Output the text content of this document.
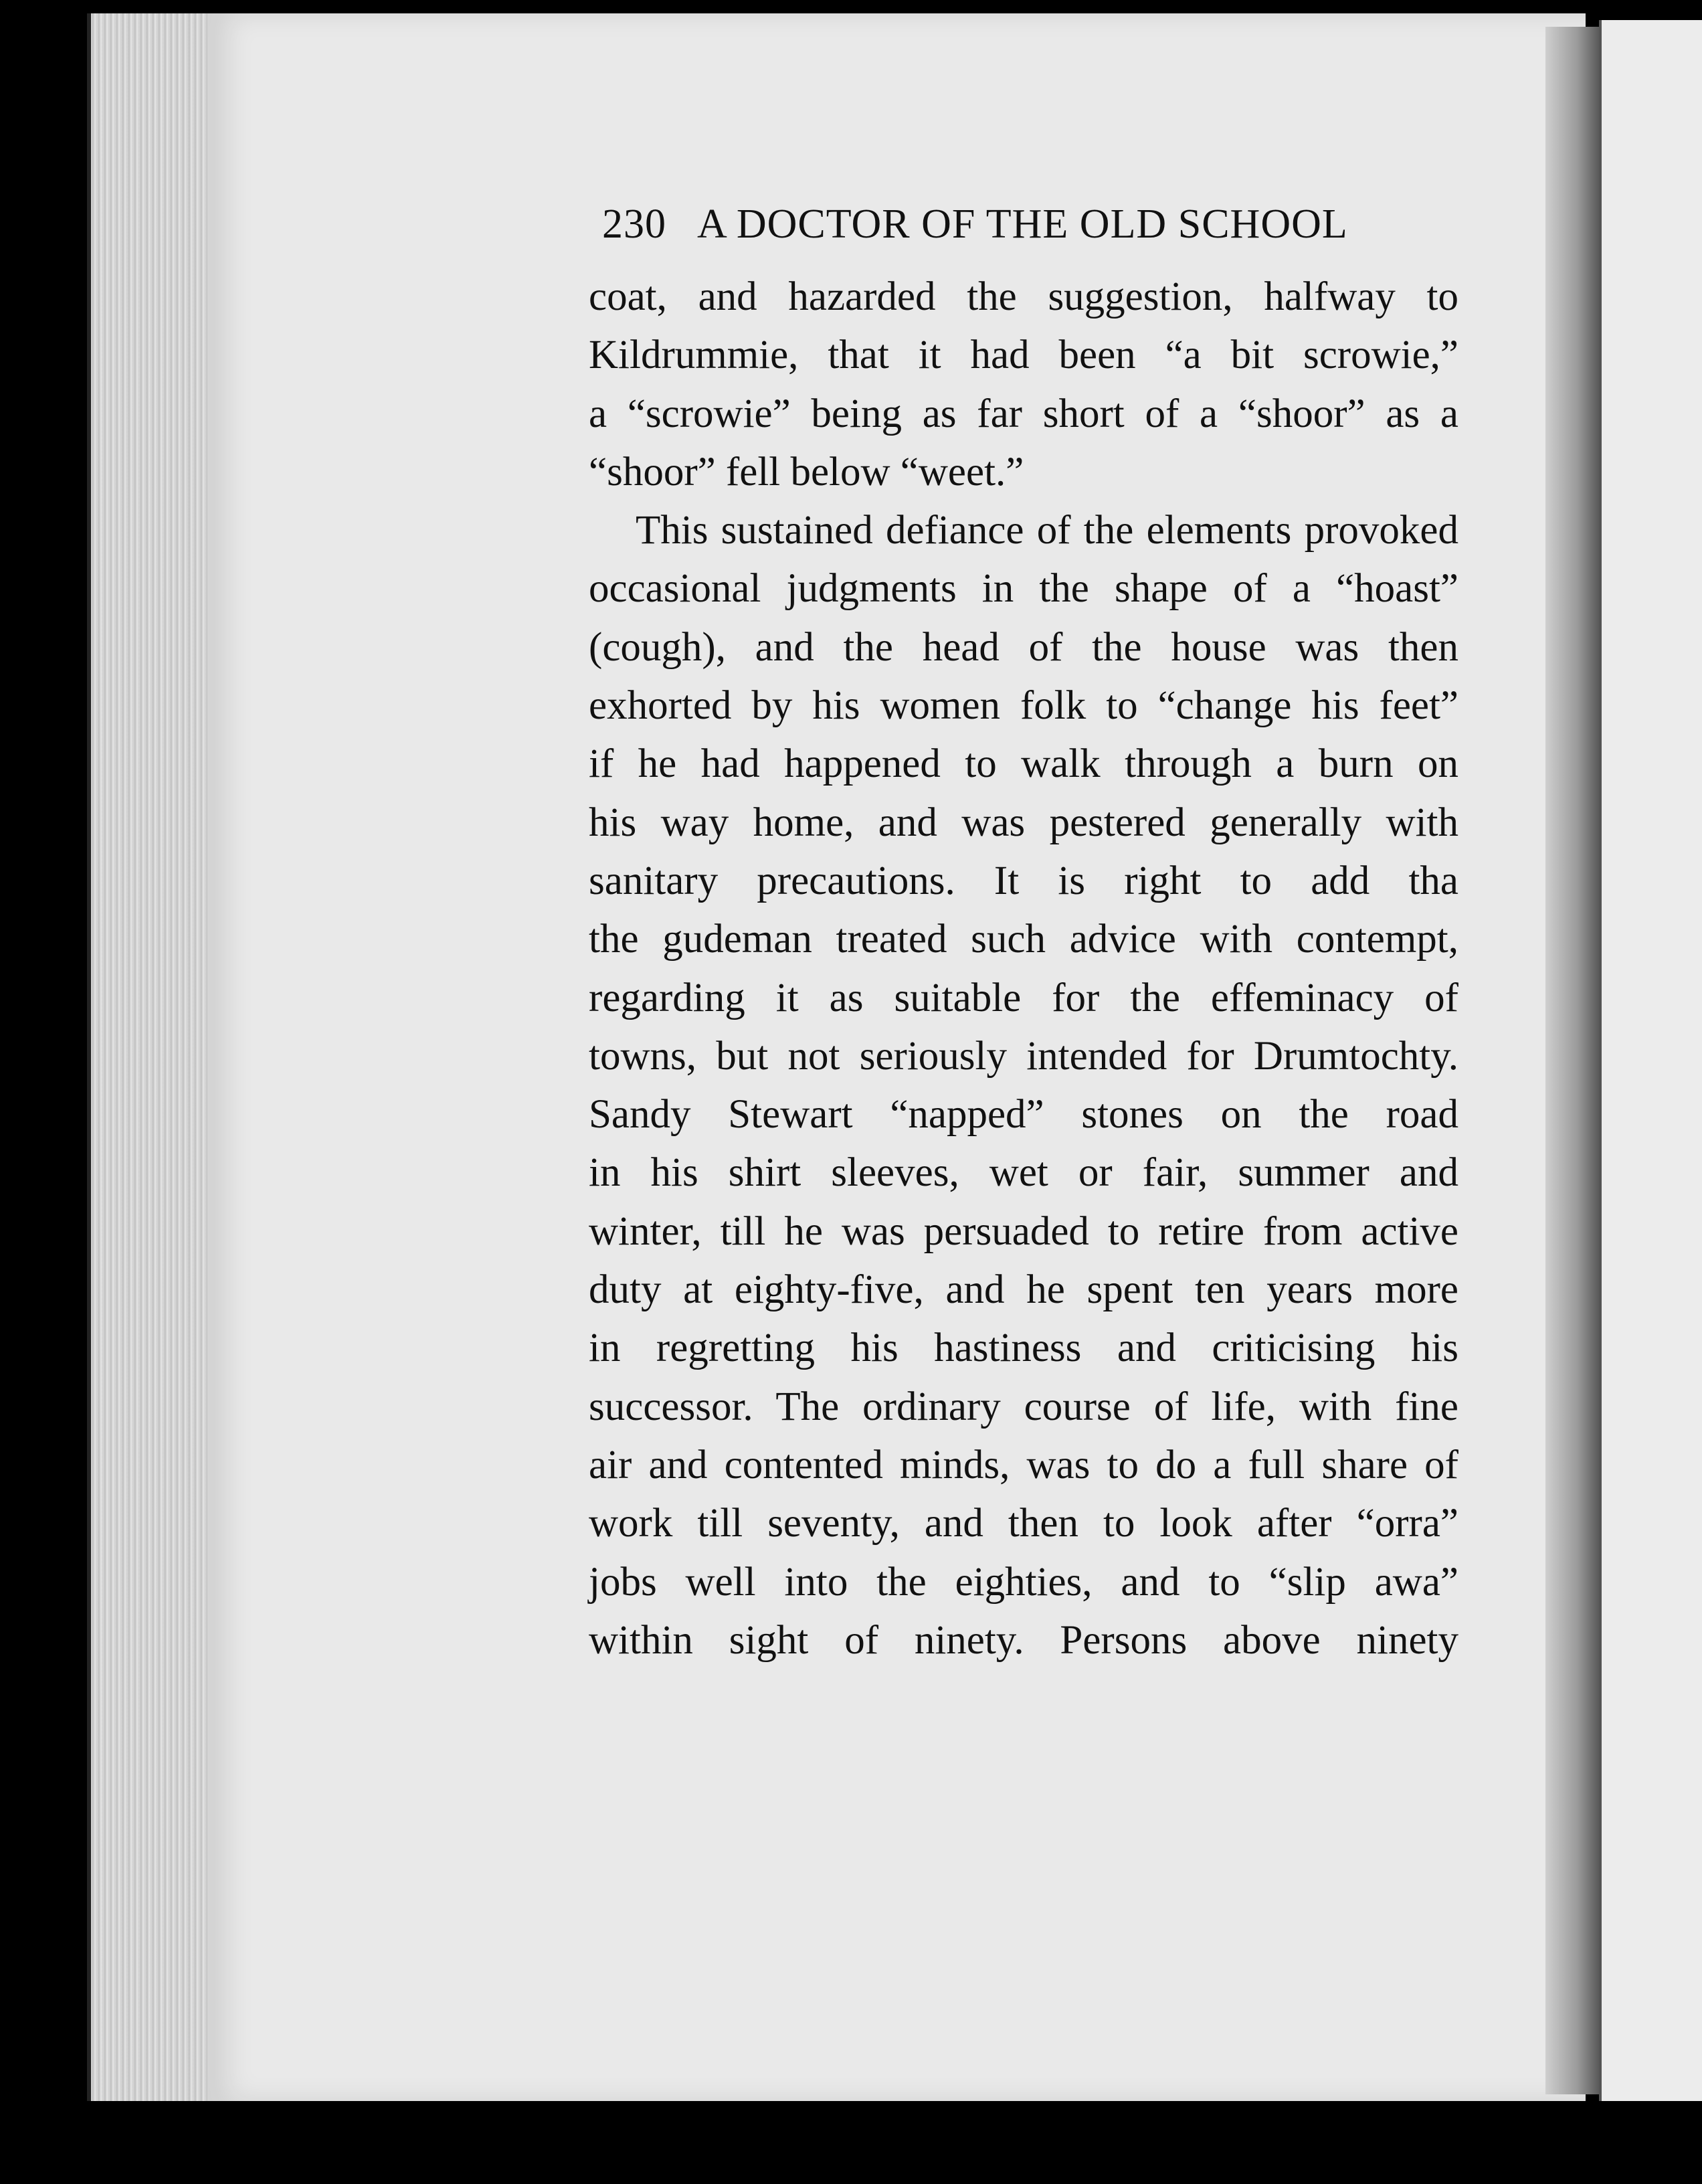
230 A DOCTOR OF THE OLD SCHOOL
coat, and hazarded the suggestion, halfway to
Kildrummie, that it had been “a bit scrowie,”
a “scrowie” being as far short of a “shoor” as a
“shoor” fell below “weet.”
This sustained defiance of the elements provoked
occasional judgments in the shape of a “hoast”
(cough), and the head of the house was then
exhorted by his women folk to “change his feet”
if he had happened to walk through a burn on
his way home, and was pestered generally with
sanitary precautions. It is right to add tha
the gudeman treated such advice with contempt,
regarding it as suitable for the effeminacy of
towns, but not seriously intended for Drumtochty.
Sandy Stewart “napped” stones on the road
in his shirt sleeves, wet or fair, summer and
winter, till he was persuaded to retire from active
duty at eighty-five, and he spent ten years more
in regretting his hastiness and criticising his
successor. The ordinary course of life, with fine
air and contented minds, was to do a full share of
work till seventy, and then to look after “orra”
jobs well into the eighties, and to “slip awa”
within sight of ninety. Persons above ninety
